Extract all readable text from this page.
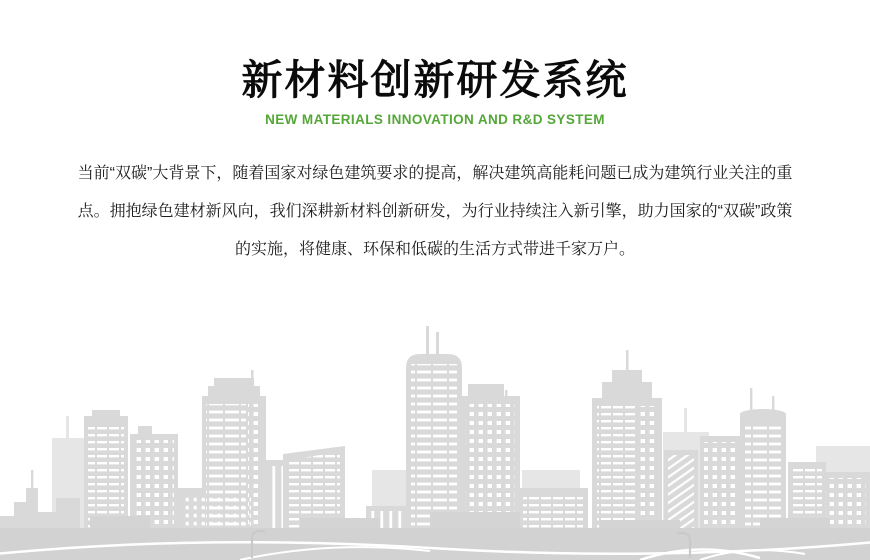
新材料创新研发系统

NEW MATERIALS INNOVATION AND R&D SYSTEM

当前“双碳”大背景下，随着国家对绿色建筑要求的提高，解决建筑高能耗问题已成为建筑行业关注的重点。拥抱绿色建材新风向，我们深耕新材料创新研发，为行业持续注入新引擎，助力国家的“双碳”政策的实施，将健康、环保和低碳的生活方式带进千家万户。
